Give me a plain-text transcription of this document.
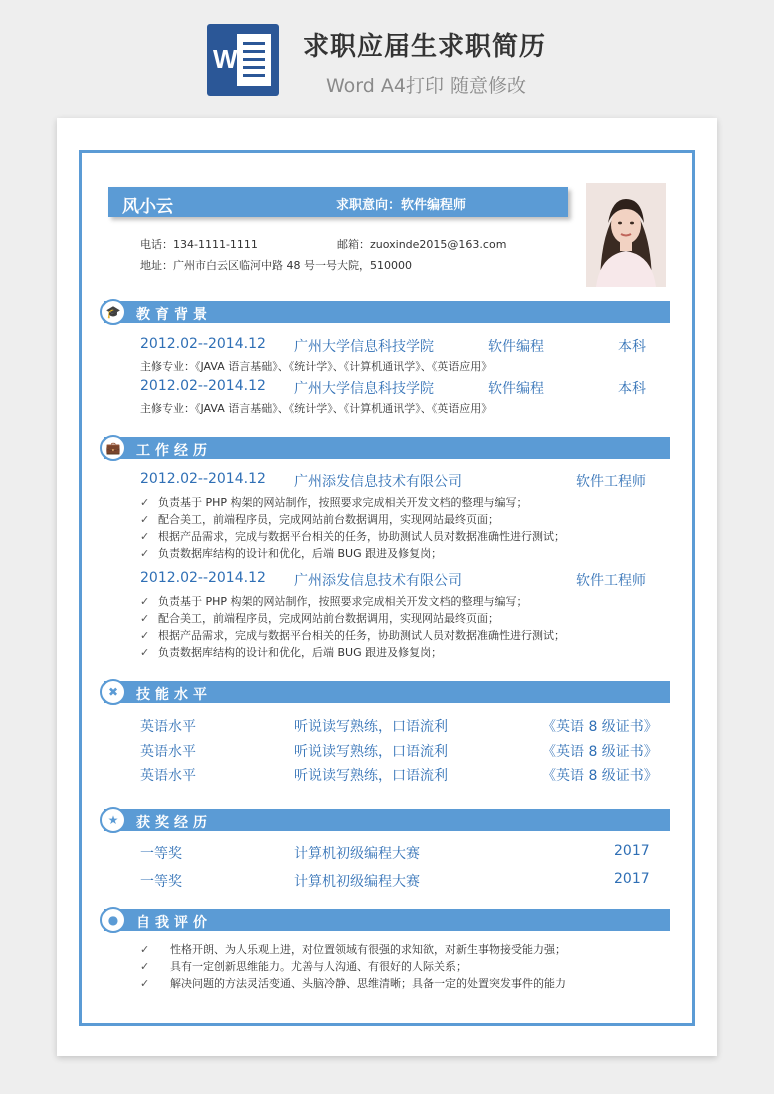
W	求职应届生求职简历
Word A4打印 随意修改
风小云	求职意向：软件编程师
电话：134-1111-1111	邮箱：zuoxinde2015@163.com
地址：广州市白云区临河中路 48 号一号大院，510000
🎓 教育背景
2012.02--2014.12 广州大学信息科技学院	软件编程	本科
主修专业：《JAVA 语言基础》、《统计学》、《计算机通讯学》、《英语应用》
2012.02--2014.12 广州大学信息科技学院	软件编程	本科
主修专业：《JAVA 语言基础》、《统计学》、《计算机通讯学》、《英语应用》
💼 工作经历
2012.02--2014.12 广州添发信息技术有限公司	软件工程师
✓ 负责基于 PHP 构架的网站制作，按照要求完成相关开发文档的整理与编写；
✓ 配合美工，前端程序员，完成网站前台数据调用，实现网站最终页面；
✓ 根据产品需求，完成与数据平台相关的任务，协助测试人员对数据准确性进行测试；
✓ 负责数据库结构的设计和优化，后端 BUG 跟进及修复岗；
2012.02--2014.12 广州添发信息技术有限公司	软件工程师
✓ 负责基于 PHP 构架的网站制作，按照要求完成相关开发文档的整理与编写；
✓ 配合美工，前端程序员，完成网站前台数据调用，实现网站最终页面；
✓ 根据产品需求，完成与数据平台相关的任务，协助测试人员对数据准确性进行测试；
✓ 负责数据库结构的设计和优化，后端 BUG 跟进及修复岗；
✖	技能水平
英语水平	听说读写熟练，口语流利	《英语 8 级证书》
英语水平	听说读写熟练，口语流利	《英语 8 级证书》
英语水平	听说读写熟练，口语流利	《英语 8 级证书》
★	获奖经历
一等奖	计算机初级编程大赛	2017
一等奖	计算机初级编程大赛	2017
●	自我评价
✓ 性格开朗、为人乐观上进，对位置领域有很强的求知欲，对新生事物接受能力强；
✓ 具有一定创新思维能力。尤善与人沟通、有很好的人际关系；
✓ 解决问题的方法灵活变通、头脑冷静、思维清晰；具备一定的处置突发事件的能力
